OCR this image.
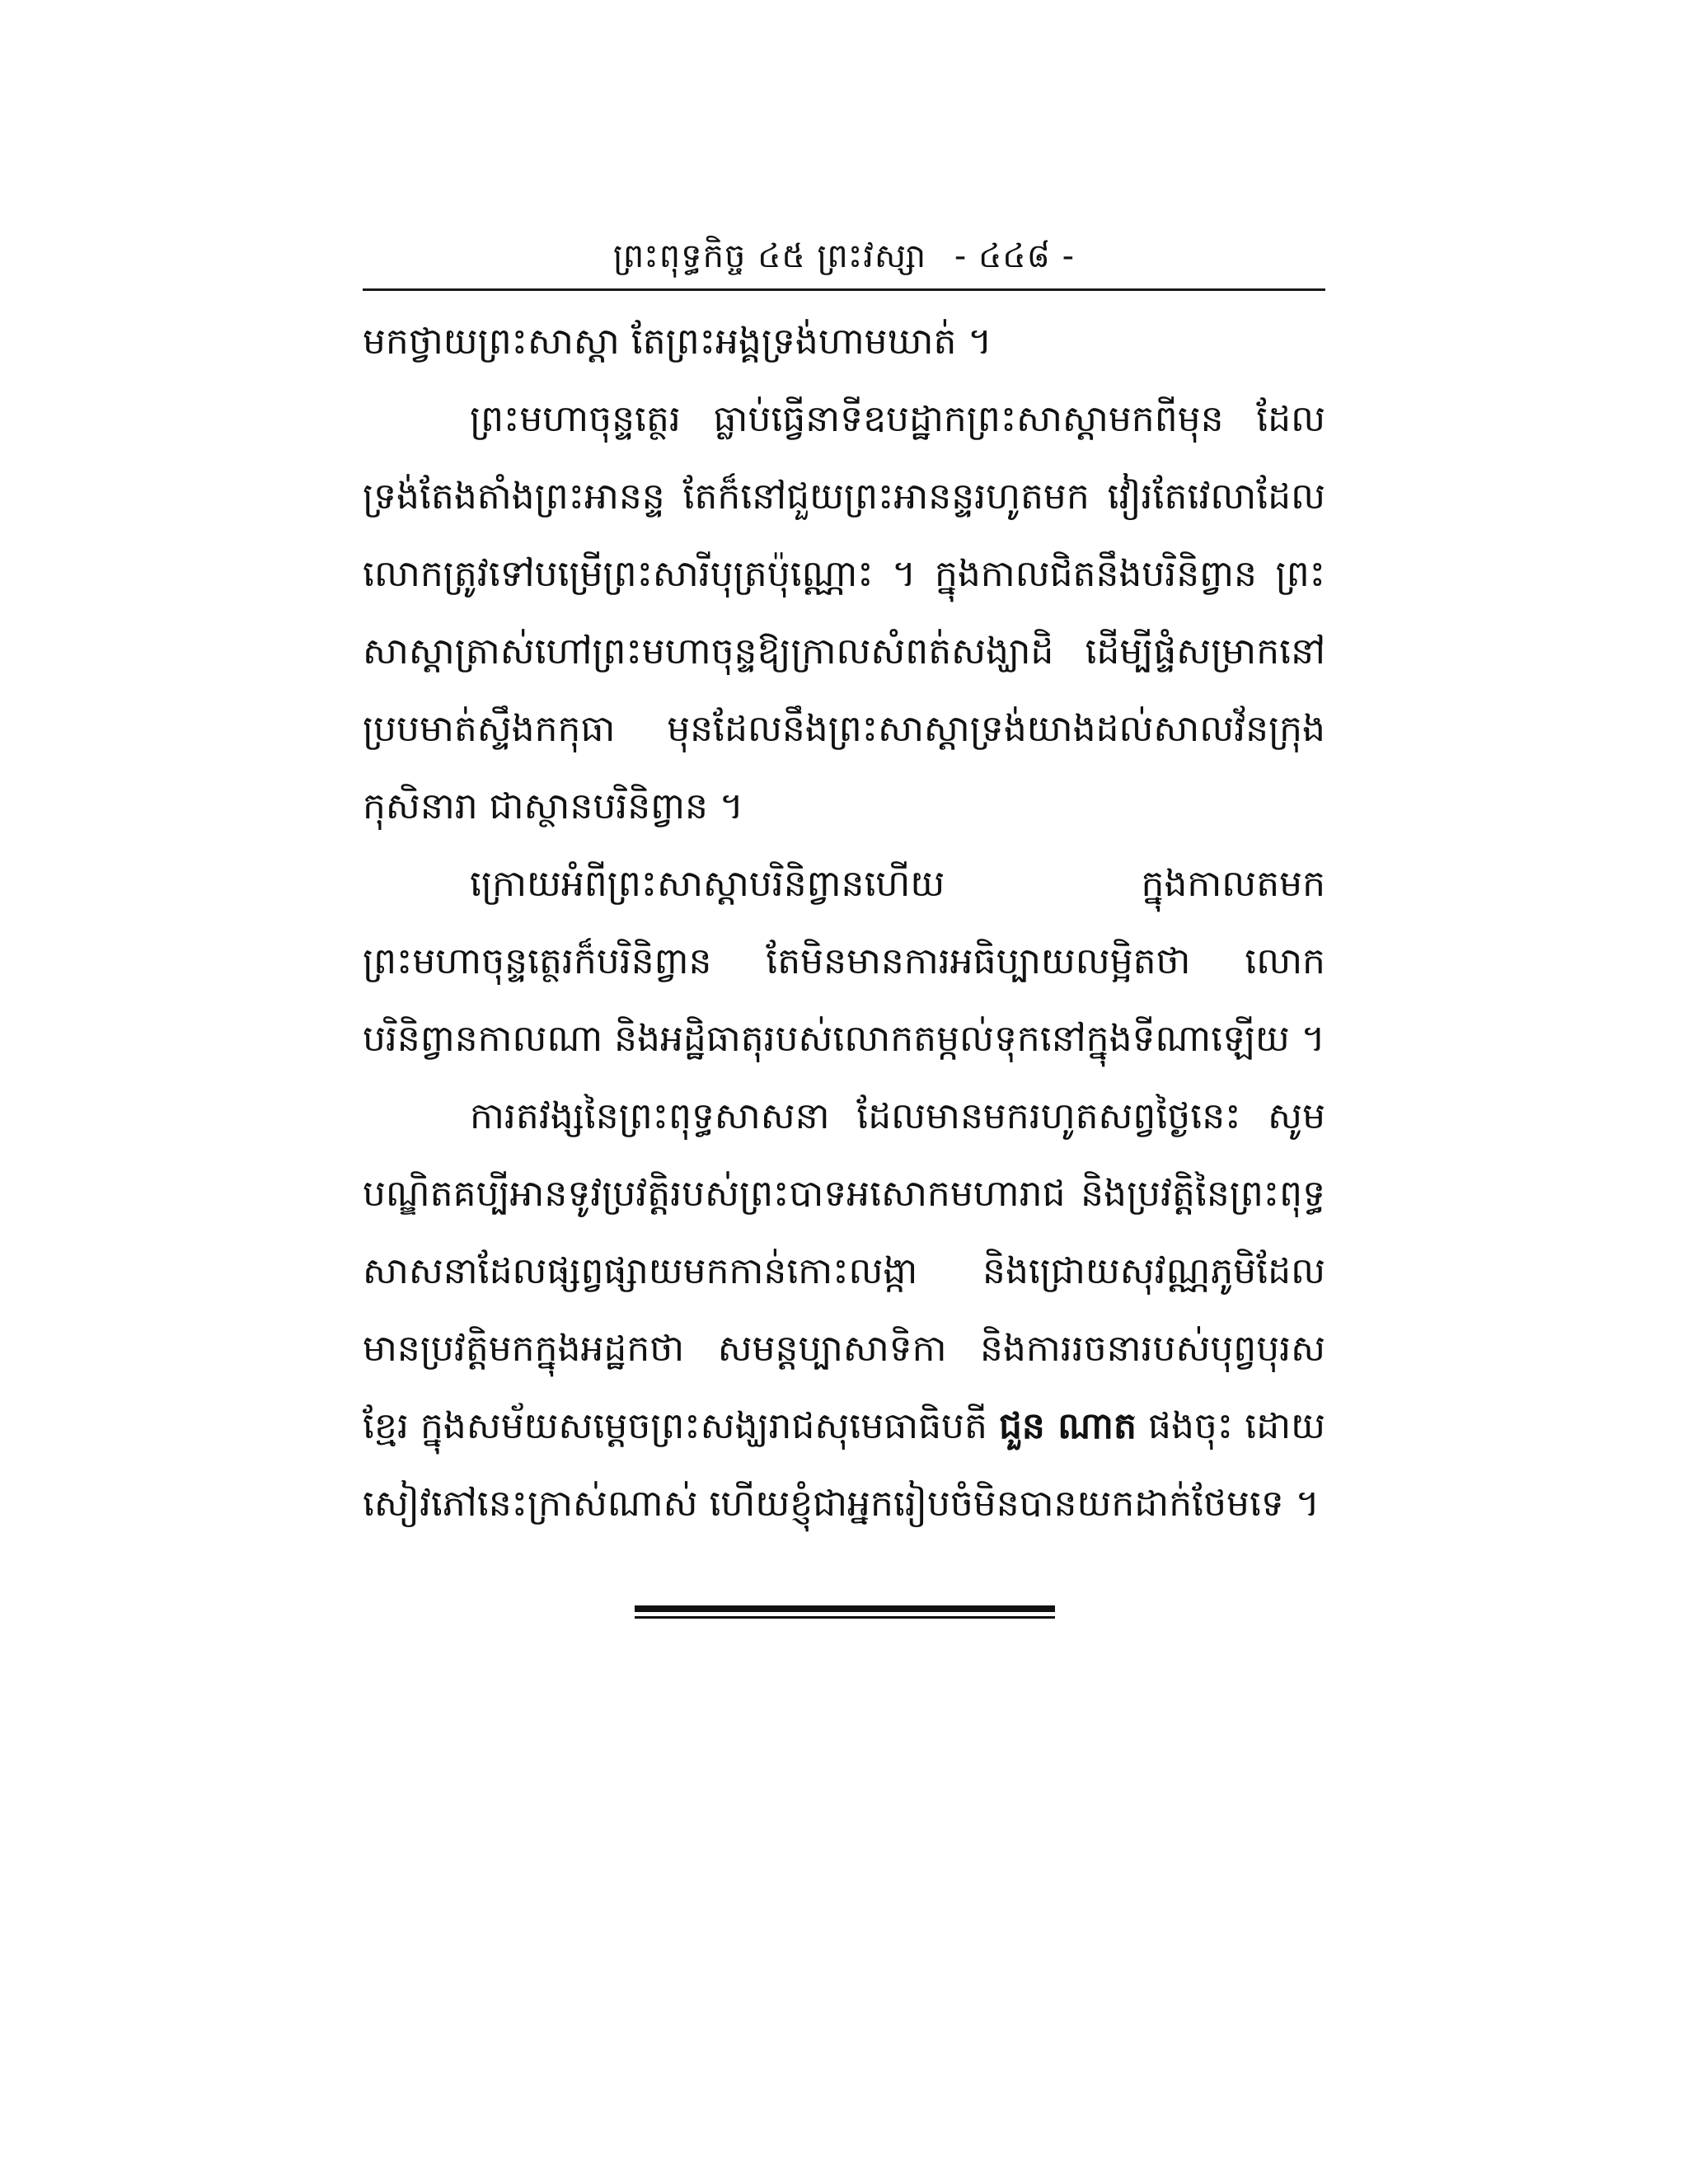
ព្រះពុទ្ធកិច្ច ៤៥ ព្រះវស្សា - ៤៤៨ -

មកថ្វាយព្រះសាស្តា តែព្រះអង្គទ្រង់ហាមឃាត់ ។

ព្រះមហាចុន្ទត្ថេរ ធ្លាប់ធ្វើនាទីឧបដ្ឋាកព្រះសាស្តាមកពីមុន ដែលទ្រង់តែងតាំងព្រះអានន្ទ តែក៏នៅជួយព្រះអានន្ទរហូតមក វៀរតែវេលាដែលលោកត្រូវទៅបម្រើព្រះសារីបុត្រប៉ុណ្ណោះ ។ ក្នុងកាលជិតនឹងបរិនិព្វាន ព្រះសាស្តាត្រាស់ហៅព្រះមហាចុន្ទឱ្យក្រាលសំពត់សង្ឃាដិ ដើម្បីផ្ទំសម្រាកនៅប្របមាត់ស្ទឹងកកុធា មុនដែលនឹងព្រះសាស្តាទ្រង់យាងដល់សាលវ័នក្រុងកុសិនារា ជាស្ថានបរិនិព្វាន ។

ក្រោយអំពីព្រះសាស្តាបរិនិព្វានហើយ ក្នុងកាលតមក ព្រះមហាចុន្ទត្ថេរក៏បរិនិព្វាន តែមិនមានការអធិប្បាយលម្អិតថា លោកបរិនិព្វានកាលណា និងអដ្ឋិធាតុរបស់លោកតម្កល់ទុកនៅក្នុងទីណាឡើយ ។

ការតវង្សនៃព្រះពុទ្ធសាសនា ដែលមានមករហូតសព្វថ្ងៃនេះ សូមបណ្ឌិតគប្បីអានទូវប្រវត្តិរបស់ព្រះបាទអសោកមហារាជ និងប្រវត្តិនៃព្រះពុទ្ធសាសនាដែលផ្សព្វផ្សាយមកកាន់កោះលង្កា និងជ្រោយសុវណ្ណភូមិដែលមានប្រវត្តិមកក្នុងអដ្ឋកថា សមន្តប្បាសាទិកា និងការរចនារបស់បុព្វបុរសខ្មែរ ក្នុងសម័យសម្តេចព្រះសង្ឃរាជសុមេធាធិបតី ជួន ណាត ផងចុះ ដោយសៀវភៅនេះក្រាស់ណាស់ ហើយខ្ញុំជាអ្នករៀបចំមិនបានយកដាក់ថែមទេ ។
